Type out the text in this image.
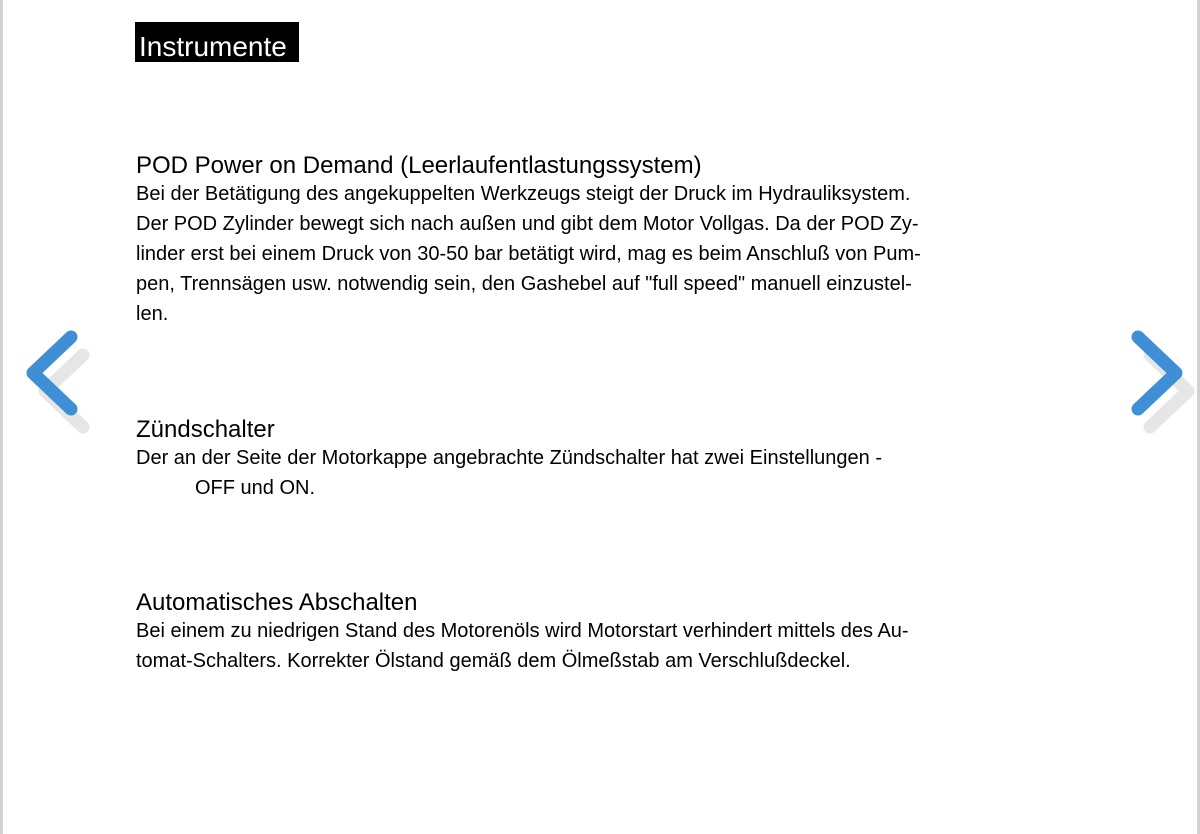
Instrumente
POD Power on Demand (Leerlaufentlastungssystem)
Bei der Betätigung des angekuppelten Werkzeugs steigt der Druck im Hydrauliksystem.
Der POD Zylinder bewegt sich nach außen und gibt dem Motor Vollgas. Da der POD Zy-
linder erst bei einem Druck von 30-50 bar betätigt wird, mag es beim Anschluß von Pum-
pen, Trennsägen usw. notwendig sein, den Gashebel auf "full speed" manuell einzustel-
len.
Zündschalter
Der an der Seite der Motorkappe angebrachte Zündschalter hat zwei Einstellungen -
OFF und ON.
Automatisches Abschalten
Bei einem zu niedrigen Stand des Motorenöls wird Motorstart verhindert mittels des Au-
tomat-Schalters. Korrekter Ölstand gemäß dem Ölmeßstab am Verschlußdeckel.
